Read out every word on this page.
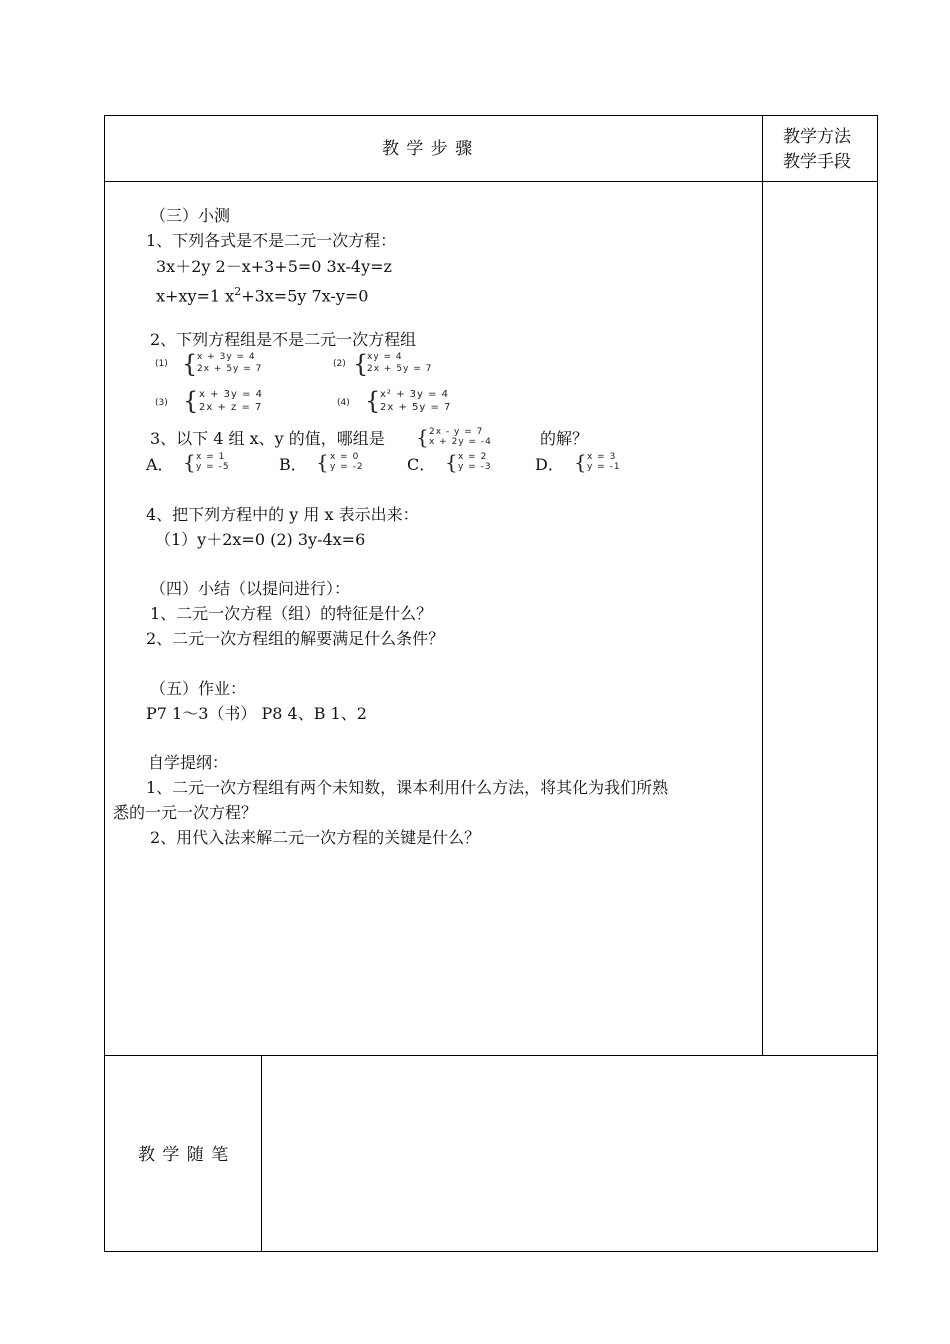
教 学 步 骤
教学方法
教学手段
（三）小测
1、下列各式是不是二元一次方程：
3x＋2y 2－x+3+5=0 3x-4y=z
x+xy=1 $x^2+3x=5y$ 7x-y=0
2、下列方程组是不是二元一次方程组
(1) { x + 3y = 4
2x + 5y = 7	(2) {
xy = 4
2x + 5y = 7
(3) { x + 3y = 4
2x + z = 7	(4) { x² + 3y = 4
2x + 5y = 7
3、以下 4 组 x、y 的值，哪组是 { 2x - y = 7
x + 2y = -4	的解？
A． { x = 1
y = -5	B． { x = 0
y = -2	C． { x = 2
y = -3	D． { x = 3
y = -1
4、把下列方程中的 y 用 x 表示出来：
（1）y＋2x=0 (2) 3y-4x=6
（四）小结（以提问进行）：
1、二元一次方程（组）的特征是什么？
2、二元一次方程组的解要满足什么条件？
（五）作业：
P7 1～3（书） P8 4、B 1、2
自学提纲：
1、二元一次方程组有两个未知数，课本利用什么方法，将其化为我们所熟
悉的一元一次方程？
2、用代入法来解二元一次方程的关键是什么？
教 学 随 笔
